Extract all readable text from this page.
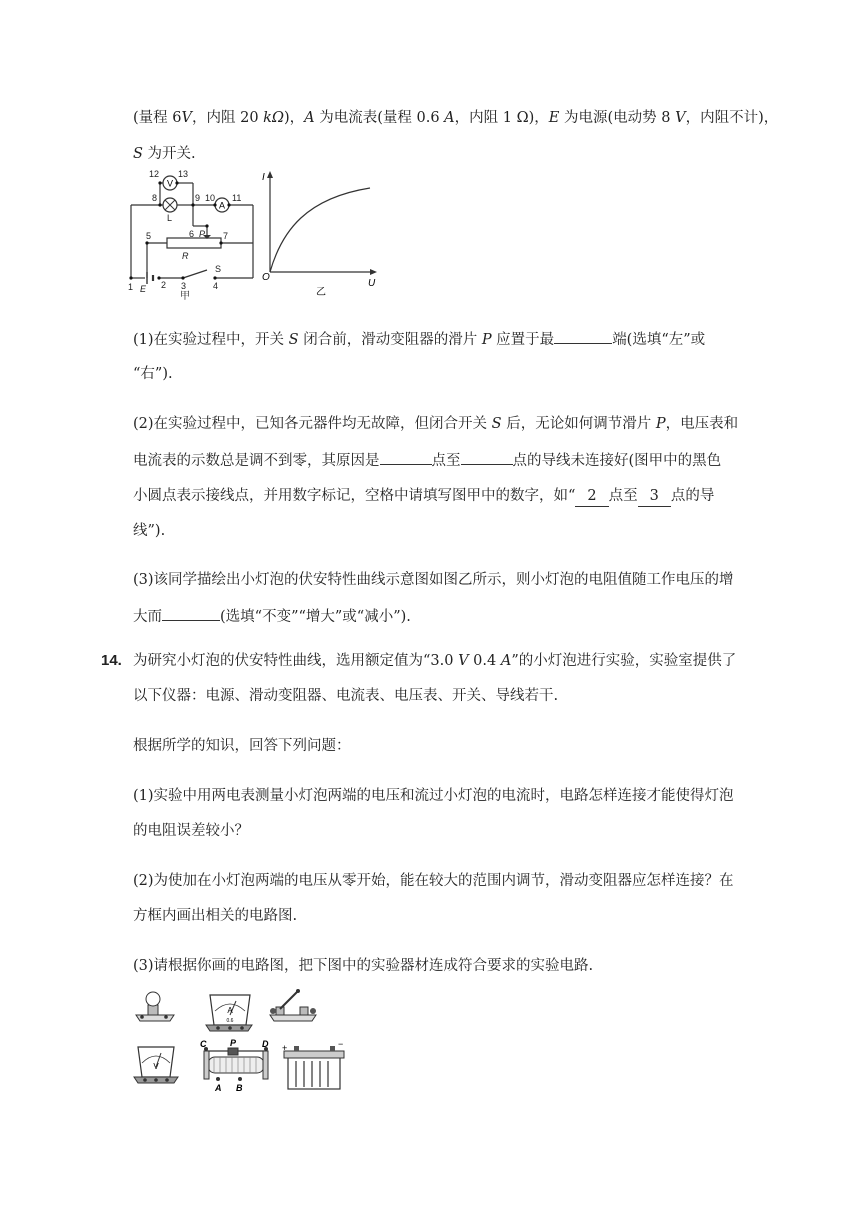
(量程 6V，内阻 20 kΩ)，A 为电流表(量程 0.6 A，内阻 1 Ω)，E 为电源(电动势 8 V，内阻不计)，
S 为开关.
V
A
12 13
8	9 10 11
L
6 P 7
5
R
1 E 2 3
S
4
甲
I
U
O
乙
(1)在实验过程中，开关 S 闭合前，滑动变阻器的滑片 P 应置于最	端(选填“左”或
“右”).
(2)在实验过程中，已知各元器件均无故障，但闭合开关 S 后，无论如何调节滑片 P，电压表和
电流表的示数总是调不到零，其原因是	点至	点的导线未连接好(图甲中的黑色
小圆点表示接线点，并用数字标记，空格中请填写图甲中的数字，如“ 2 点至 3 点的导
线”).
(3)该同学描绘出小灯泡的伏安特性曲线示意图如图乙所示，则小灯泡的电阻值随工作电压的增
大而	(选填“不变”“增大”或“减小”).
14. 为研究小灯泡的伏安特性曲线，选用额定值为“3.0 V 0.4 A”的小灯泡进行实验，实验室提供了
以下仪器：电源、滑动变阻器、电流表、电压表、开关、导线若干.
根据所学的知识，回答下列问题：
(1)实验中用两电表测量小灯泡两端的电压和流过小灯泡的电流时，电路怎样连接才能使得灯泡
的电阻误差较小？
(2)为使加在小灯泡两端的电压从零开始，能在较大的范围内调节，滑动变阻器应怎样连接？在
方框内画出相关的电路图.
(3)请根据你画的电路图，把下图中的实验器材连成符合要求的实验电路.
A
0.6
V
C	P	D
A B
+	−
